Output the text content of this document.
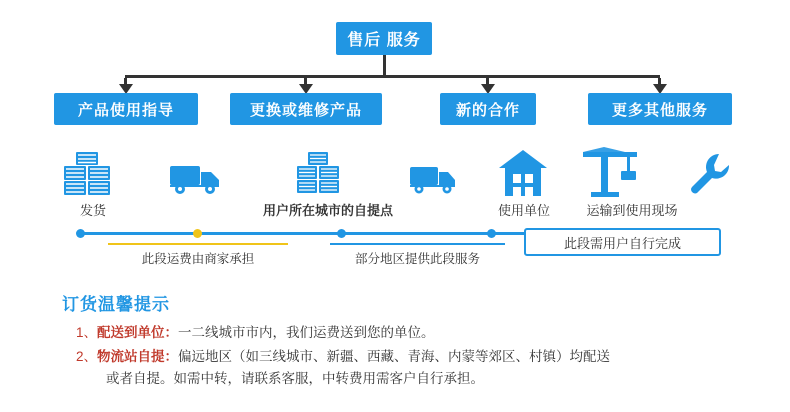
售后 服务
产品使用指导	更换或维修产品	新的合作	更多其他服务
发货	用户所在城市的自提点	使用单位	运输到使用现场
此段运费由商家承担	部分地区提供此段服务
此段需用户自行完成
订货温馨提示
1、配送到单位：一二线城市市内，我们运费送到您的单位。
2、物流站自提：偏远地区（如三线城市、新疆、西藏、青海、内蒙等郊区、村镇）均配送
或者自提。如需中转，请联系客服，中转费用需客户自行承担。
